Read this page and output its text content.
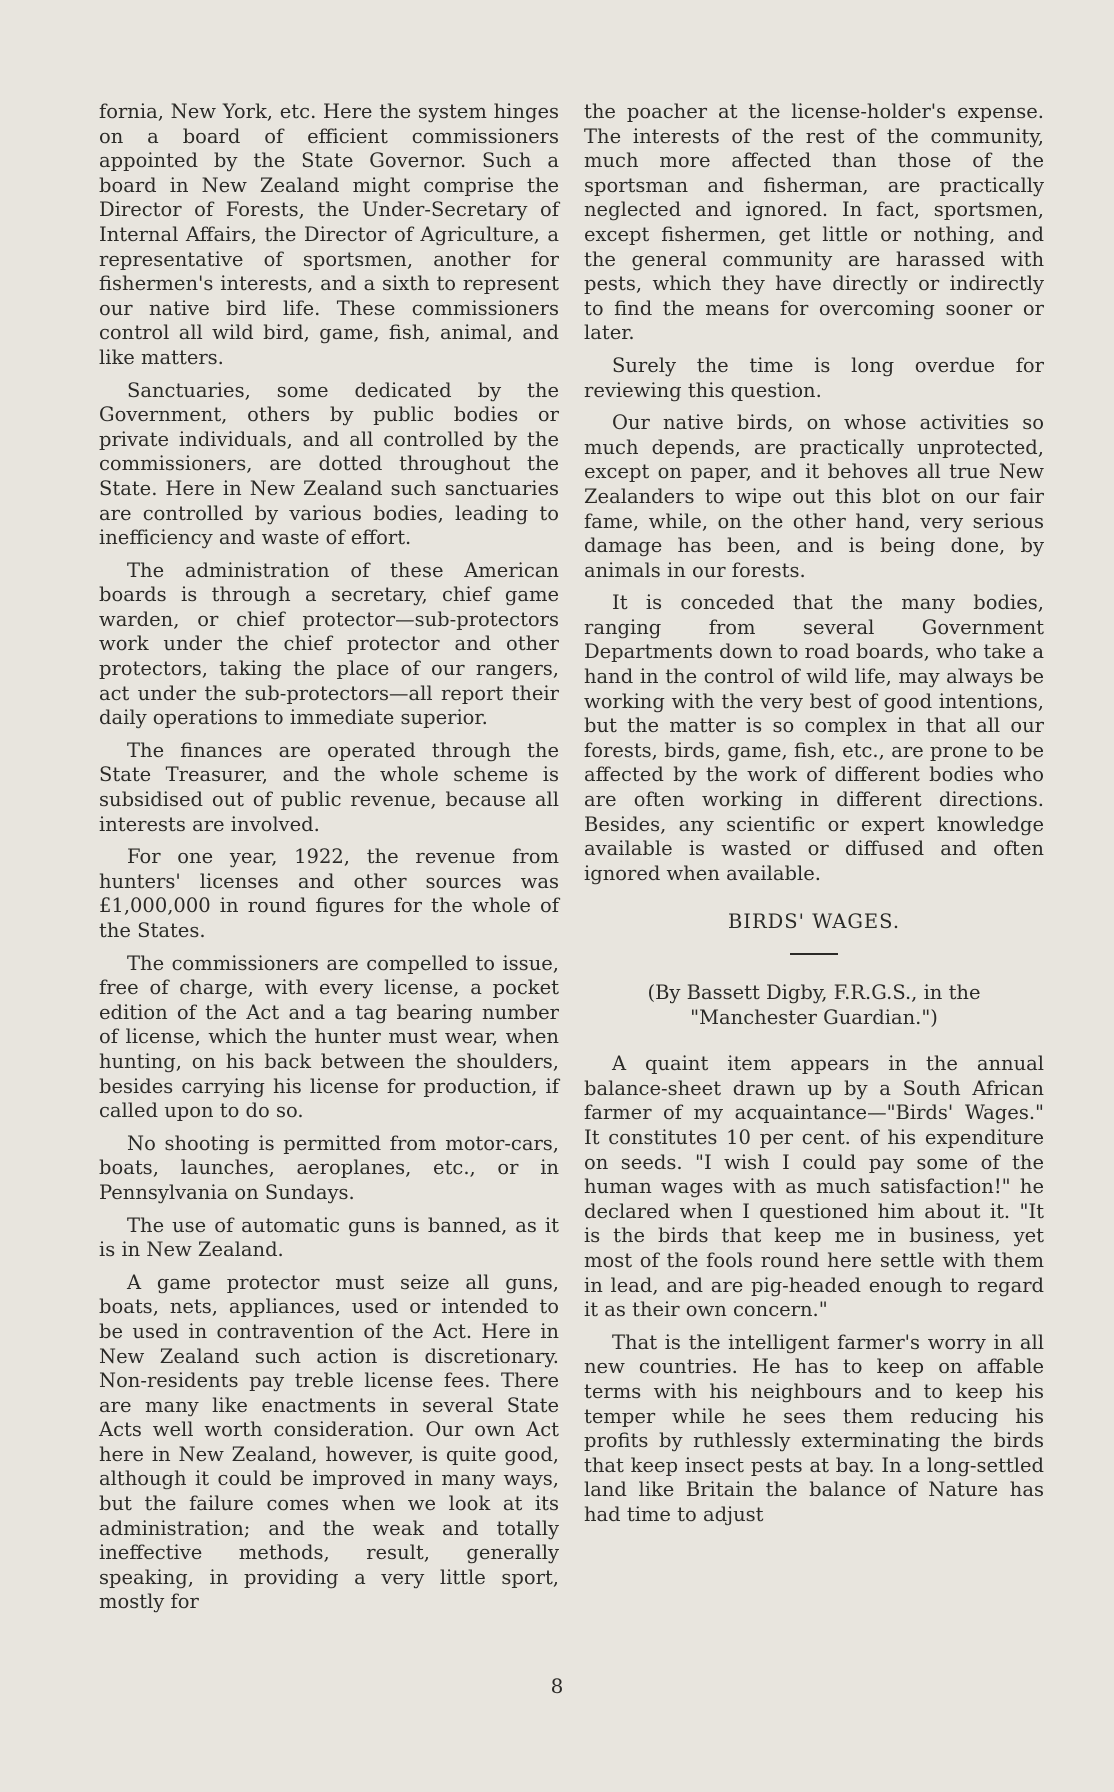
fornia, New York, etc. Here the system hinges on a board of efficient commissioners appointed by the State Governor. Such a board in New Zealand might comprise the Director of Forests, the Under-Secretary of Internal Affairs, the Director of Agriculture, a representative of sportsmen, another for fishermen's interests, and a sixth to represent our native bird life. These commissioners control all wild bird, game, fish, animal, and like matters.

Sanctuaries, some dedicated by the Government, others by public bodies or private individuals, and all controlled by the commissioners, are dotted throughout the State. Here in New Zealand such sanctuaries are controlled by various bodies, leading to inefficiency and waste of effort.

The administration of these American boards is through a secretary, chief game warden, or chief protector—sub-protectors work under the chief protector and other protectors, taking the place of our rangers, act under the sub-protectors—all report their daily operations to immediate superior.

The finances are operated through the State Treasurer, and the whole scheme is subsidised out of public revenue, because all interests are involved.

For one year, 1922, the revenue from hunters' licenses and other sources was £1,000,000 in round figures for the whole of the States.

The commissioners are compelled to issue, free of charge, with every license, a pocket edition of the Act and a tag bearing number of license, which the hunter must wear, when hunting, on his back between the shoulders, besides carrying his license for production, if called upon to do so.

No shooting is permitted from motor-cars, boats, launches, aeroplanes, etc., or in Pennsylvania on Sundays.

The use of automatic guns is banned, as it is in New Zealand.

A game protector must seize all guns, boats, nets, appliances, used or intended to be used in contravention of the Act. Here in New Zealand such action is discretionary. Non-residents pay treble license fees. There are many like enactments in several State Acts well worth consideration. Our own Act here in New Zealand, however, is quite good, although it could be improved in many ways, but the failure comes when we look at its administration; and the weak and totally ineffective methods, result, generally speaking, in providing a very little sport, mostly for

the poacher at the license-holder's expense. The interests of the rest of the community, much more affected than those of the sportsman and fisherman, are practically neglected and ignored. In fact, sportsmen, except fishermen, get little or nothing, and the general community are harassed with pests, which they have directly or indirectly to find the means for overcoming sooner or later.

Surely the time is long overdue for reviewing this question.

Our native birds, on whose activities so much depends, are practically unprotected, except on paper, and it behoves all true New Zealanders to wipe out this blot on our fair fame, while, on the other hand, very serious damage has been, and is being done, by animals in our forests.

It is conceded that the many bodies, ranging from several Government Departments down to road boards, who take a hand in the control of wild life, may always be working with the very best of good intentions, but the matter is so complex in that all our forests, birds, game, fish, etc., are prone to be affected by the work of different bodies who are often working in different directions. Besides, any scientific or expert knowledge available is wasted or diffused and often ignored when available.

BIRDS' WAGES.
(By Bassett Digby, F.R.G.S., in the
"Manchester Guardian.")

A quaint item appears in the annual balance-sheet drawn up by a South African farmer of my acquaintance—"Birds' Wages." It constitutes 10 per cent. of his expenditure on seeds. "I wish I could pay some of the human wages with as much satisfaction!" he declared when I questioned him about it. "It is the birds that keep me in business, yet most of the fools round here settle with them in lead, and are pig-headed enough to regard it as their own concern."

That is the intelligent farmer's worry in all new countries. He has to keep on affable terms with his neighbours and to keep his temper while he sees them reducing his profits by ruthlessly exterminating the birds that keep insect pests at bay. In a long-settled land like Britain the balance of Nature has had time to adjust

8
